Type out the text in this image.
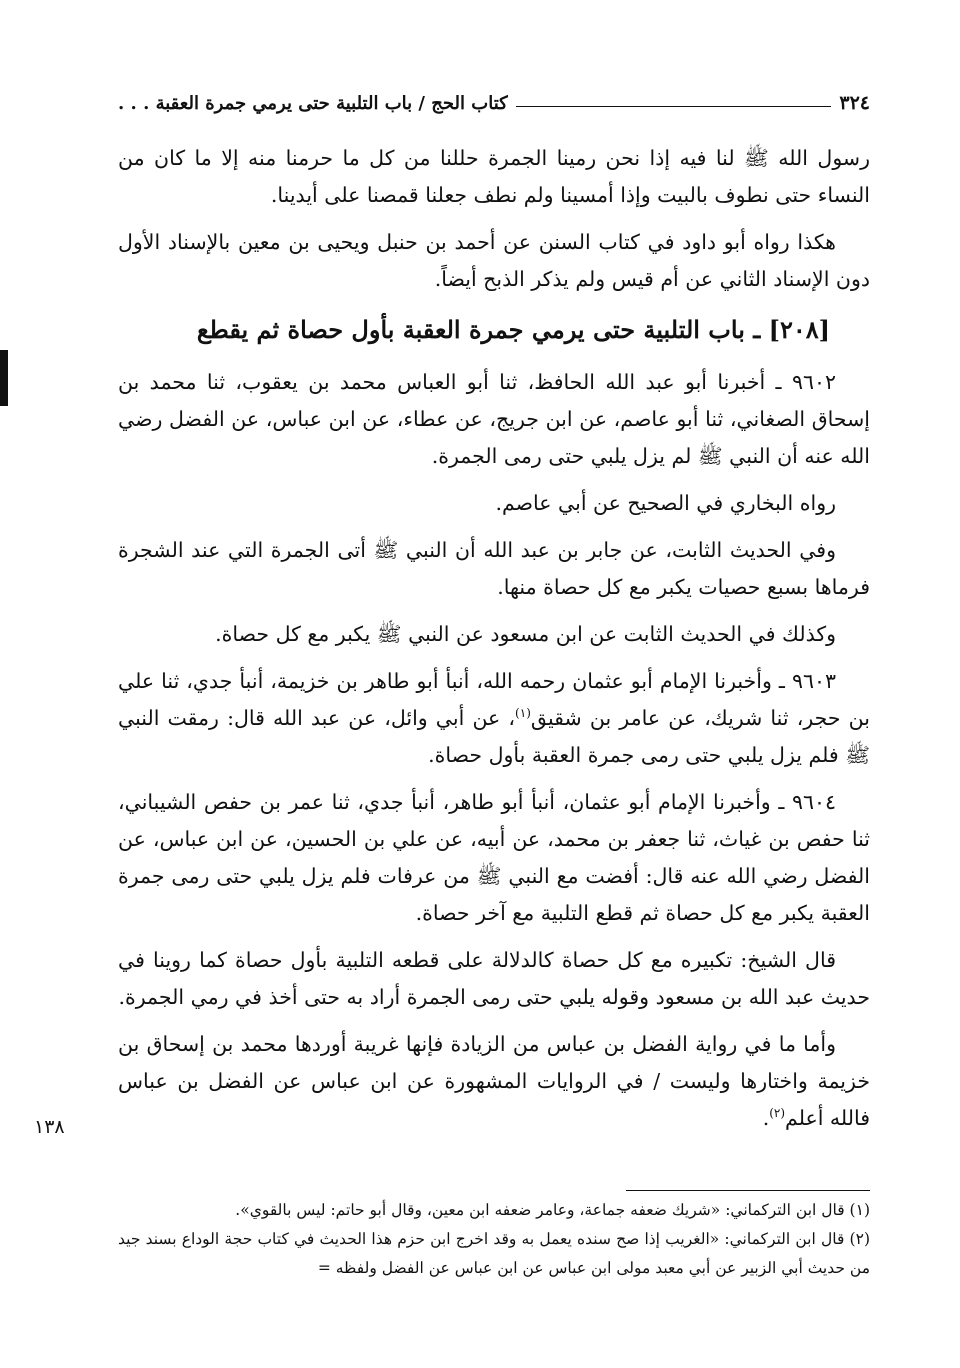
٣٢٤
كتاب الحج / باب التلبية حتى يرمي جمرة العقبة . . .
١٣٨

رسول الله ﷺ لنا فيه إذا نحن رمينا الجمرة حللنا من كل ما حرمنا منه إلا ما كان من النساء حتى نطوف بالبيت وإذا أمسينا ولم نطف جعلنا قمصنا على أيدينا.

هكذا رواه أبو داود في كتاب السنن عن أحمد بن حنبل ويحيى بن معين بالإسناد الأول دون الإسناد الثاني عن أم قيس ولم يذكر الذبح أيضاً.

[٢٠٨] ـ باب التلبية حتى يرمي جمرة العقبة بأول حصاة ثم يقطع

٩٦٠٢ ـ أخبرنا أبو عبد الله الحافظ، ثنا أبو العباس محمد بن يعقوب، ثنا محمد بن إسحاق الصغاني، ثنا أبو عاصم، عن ابن جريج، عن عطاء، عن ابن عباس، عن الفضل رضي الله عنه أن النبي ﷺ لم يزل يلبي حتى رمى الجمرة.

رواه البخاري في الصحيح عن أبي عاصم.

وفي الحديث الثابت، عن جابر بن عبد الله أن النبي ﷺ أتى الجمرة التي عند الشجرة فرماها بسبع حصيات يكبر مع كل حصاة منها.

وكذلك في الحديث الثابت عن ابن مسعود عن النبي ﷺ يكبر مع كل حصاة.

٩٦٠٣ ـ وأخبرنا الإمام أبو عثمان رحمه الله، أنبأ أبو طاهر بن خزيمة، أنبأ جدي، ثنا علي بن حجر، ثنا شريك، عن عامر بن شقيق$^{(١)}$، عن أبي وائل، عن عبد الله قال: رمقت النبي ﷺ فلم يزل يلبي حتى رمى جمرة العقبة بأول حصاة.

٩٦٠٤ ـ وأخبرنا الإمام أبو عثمان، أنبأ أبو طاهر، أنبأ جدي، ثنا عمر بن حفص الشيباني، ثنا حفص بن غياث، ثنا جعفر بن محمد، عن أبيه، عن علي بن الحسين، عن ابن عباس، عن الفضل رضي الله عنه قال: أفضت مع النبي ﷺ من عرفات فلم يزل يلبي حتى رمى جمرة العقبة يكبر مع كل حصاة ثم قطع التلبية مع آخر حصاة.

قال الشيخ: تكبيره مع كل حصاة كالدلالة على قطعه التلبية بأول حصاة كما روينا في حديث عبد الله بن مسعود وقوله يلبي حتى رمى الجمرة أراد به حتى أخذ في رمي الجمرة.

وأما ما في رواية الفضل بن عباس من الزيادة فإنها غريبة أوردها محمد بن إسحاق بن خزيمة واختارها وليست / في الروايات المشهورة عن ابن عباس عن الفضل بن عباس فالله أعلم$^{(٢)}$.

(١) قال ابن التركماني: «شريك ضعفه جماعة، وعامر ضعفه ابن معين، وقال أبو حاتم: ليس بالقوي».

(٢) قال ابن التركماني: «الغريب إذا صح سنده يعمل به وقد اخرج ابن حزم هذا الحديث في كتاب حجة الوداع بسند جيد من حديث أبي الزبير عن أبي معبد مولى ابن عباس عن ابن عباس عن الفضل ولفظه =
